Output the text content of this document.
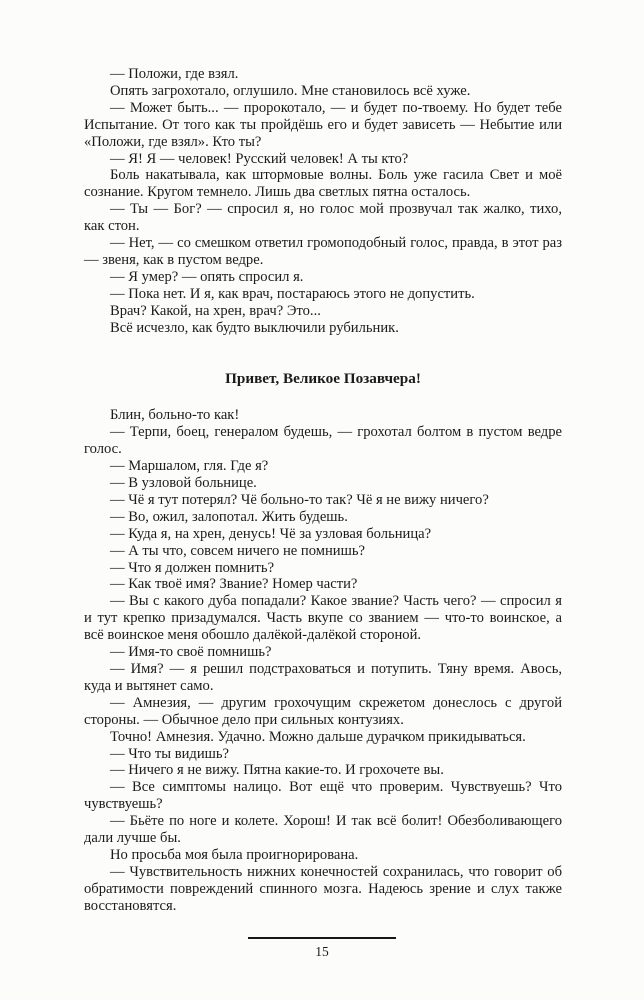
— Положи, где взял.

Опять загрохотало, оглушило. Мне становилось всё хуже.

— Может быть... — пророкотало, — и будет по-твоему. Но будет тебе Испытание. От того как ты пройдёшь его и будет зависеть — Небытие или «Положи, где взял». Кто ты?

— Я! Я — человек! Русский человек! А ты кто?

Боль накатывала, как штормовые волны. Боль уже гасила Свет и моё сознание. Кругом темнело. Лишь два светлых пятна осталось.

— Ты — Бог? — спросил я, но голос мой прозвучал так жалко, тихо, как стон.

— Нет, — со смешком ответил громоподобный голос, правда, в этот раз — звеня, как в пустом ведре.

— Я умер? — опять спросил я.

— Пока нет. И я, как врач, постараюсь этого не допустить.

Врач? Какой, на хрен, врач? Это...

Всё исчезло, как будто выключили рубильник.

Привет, Великое Позавчера!

Блин, больно-то как!

— Терпи, боец, генералом будешь, — грохотал болтом в пустом ведре голос.

— Маршалом, гля. Где я?

— В узловой больнице.

— Чё я тут потерял? Чё больно-то так? Чё я не вижу ничего?

— Во, ожил, залопотал. Жить будешь.

— Куда я, на хрен, денусь! Чё за узловая больница?

— А ты что, совсем ничего не помнишь?

— Что я должен помнить?

— Как твоё имя? Звание? Номер части?

— Вы с какого дуба попадали? Какое звание? Часть чего? — спросил я и тут крепко призадумался. Часть вкупе со званием — что-то воинское, а всё воинское меня обошло далёкой-далёкой стороной.

— Имя-то своё помнишь?

— Имя? — я решил подстраховаться и потупить. Тяну время. Авось, куда и вытянет само.

— Амнезия, — другим грохочущим скрежетом донеслось с другой стороны. — Обычное дело при сильных контузиях.

Точно! Амнезия. Удачно. Можно дальше дурачком прикидываться.

— Что ты видишь?

— Ничего я не вижу. Пятна какие-то. И грохочете вы.

— Все симптомы налицо. Вот ещё что проверим. Чувствуешь? Что чувствуешь?

— Бьёте по ноге и колете. Хорош! И так всё болит! Обезболивающего дали лучше бы.

Но просьба моя была проигнорирована.

— Чувствительность нижних конечностей сохранилась, что говорит об обратимости повреждений спинного мозга. Надеюсь зрение и слух также восстановятся.

15
